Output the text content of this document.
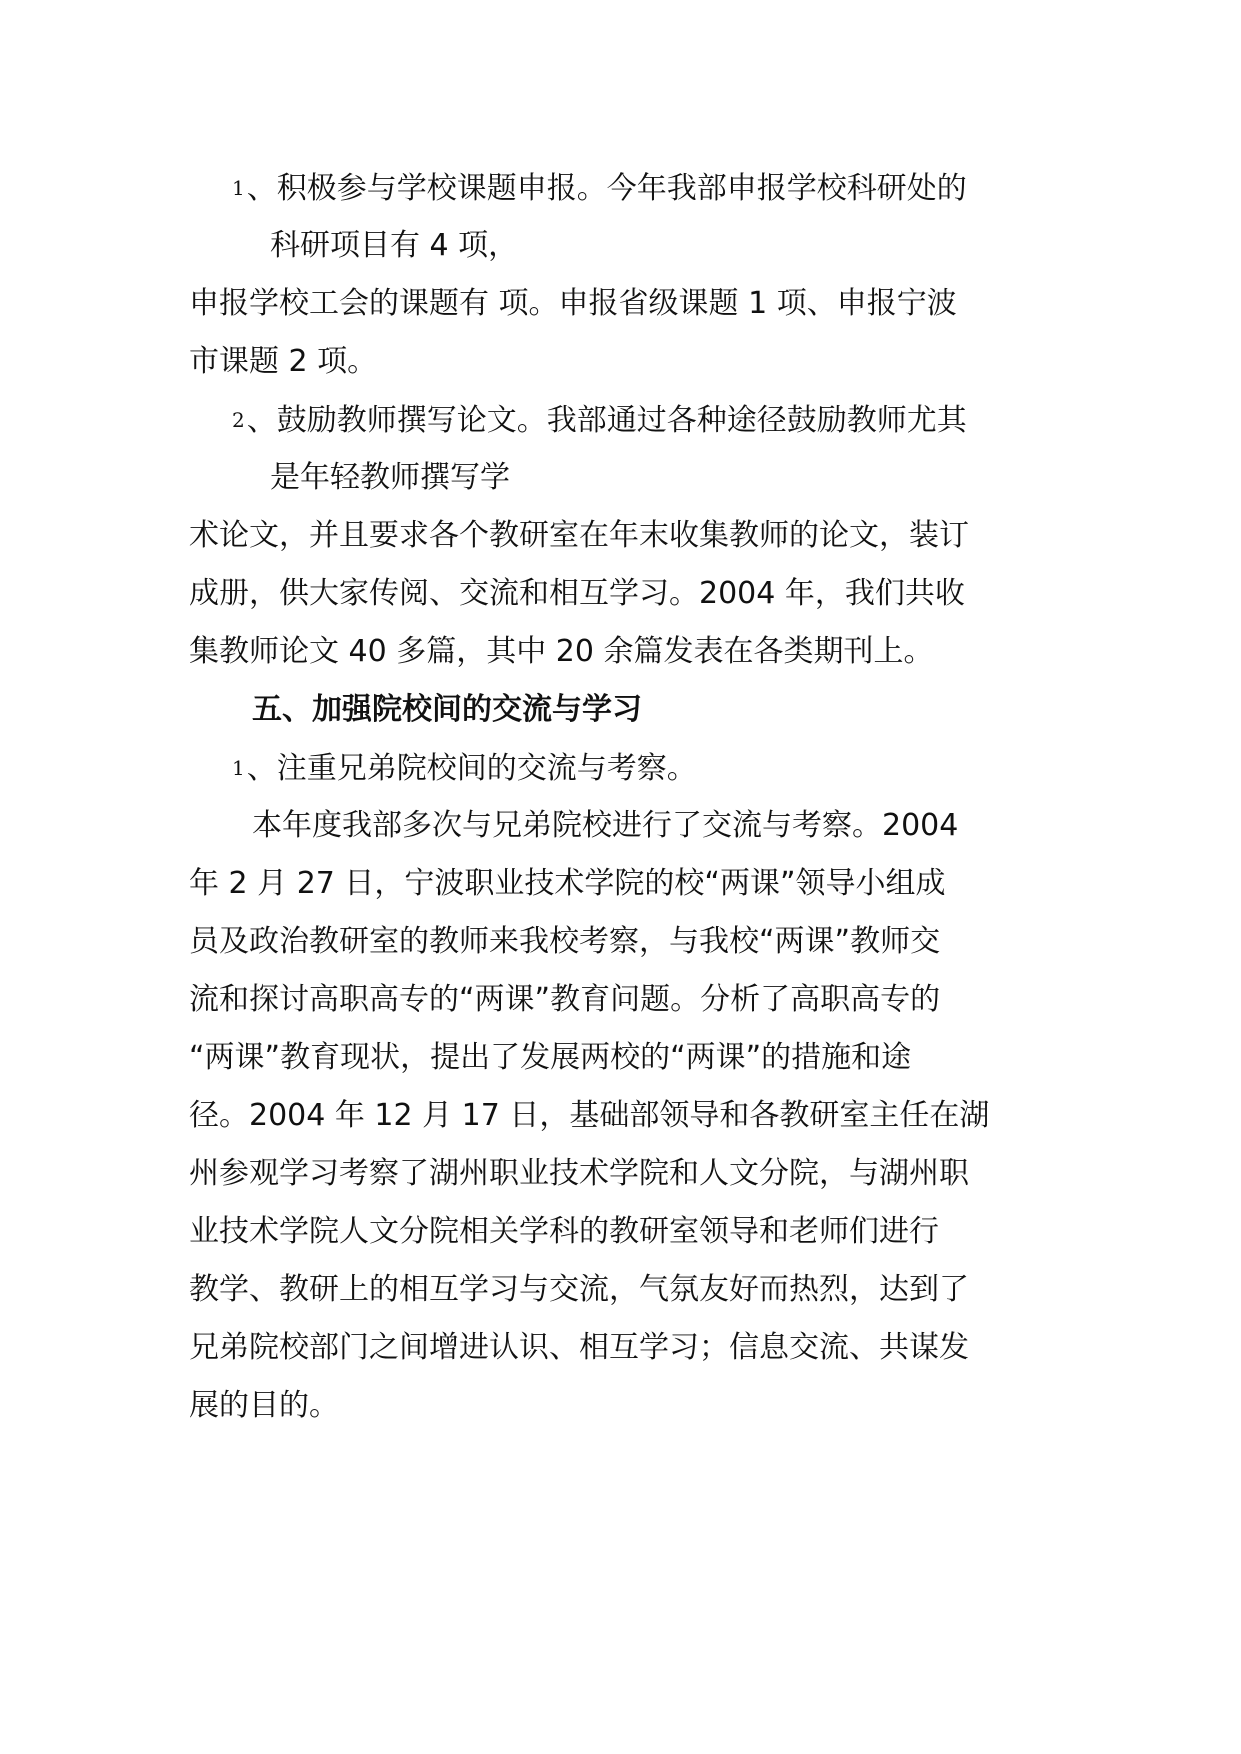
1、积极参与学校课题申报。今年我部申报学校科研处的
科研项目有 4 项，
申报学校工会的课题有 项。申报省级课题 1 项、申报宁波
市课题 2 项。
2、鼓励教师撰写论文。我部通过各种途径鼓励教师尤其
是年轻教师撰写学
术论文，并且要求各个教研室在年末收集教师的论文，装订
成册，供大家传阅、交流和相互学习。2004 年，我们共收
集教师论文 40 多篇，其中 20 余篇发表在各类期刊上。
五、加强院校间的交流与学习
1、注重兄弟院校间的交流与考察。
本年度我部多次与兄弟院校进行了交流与考察。2004
年 2 月 27 日，宁波职业技术学院的校“两课”领导小组成
员及政治教研室的教师来我校考察，与我校“两课”教师交
流和探讨高职高专的“两课”教育问题。分析了高职高专的
“两课”教育现状，提出了发展两校的“两课”的措施和途
径。2004 年 12 月 17 日，基础部领导和各教研室主任在湖
州参观学习考察了湖州职业技术学院和人文分院，与湖州职
业技术学院人文分院相关学科的教研室领导和老师们进行
教学、教研上的相互学习与交流，气氛友好而热烈，达到了
兄弟院校部门之间增进认识、相互学习；信息交流、共谋发
展的目的。
